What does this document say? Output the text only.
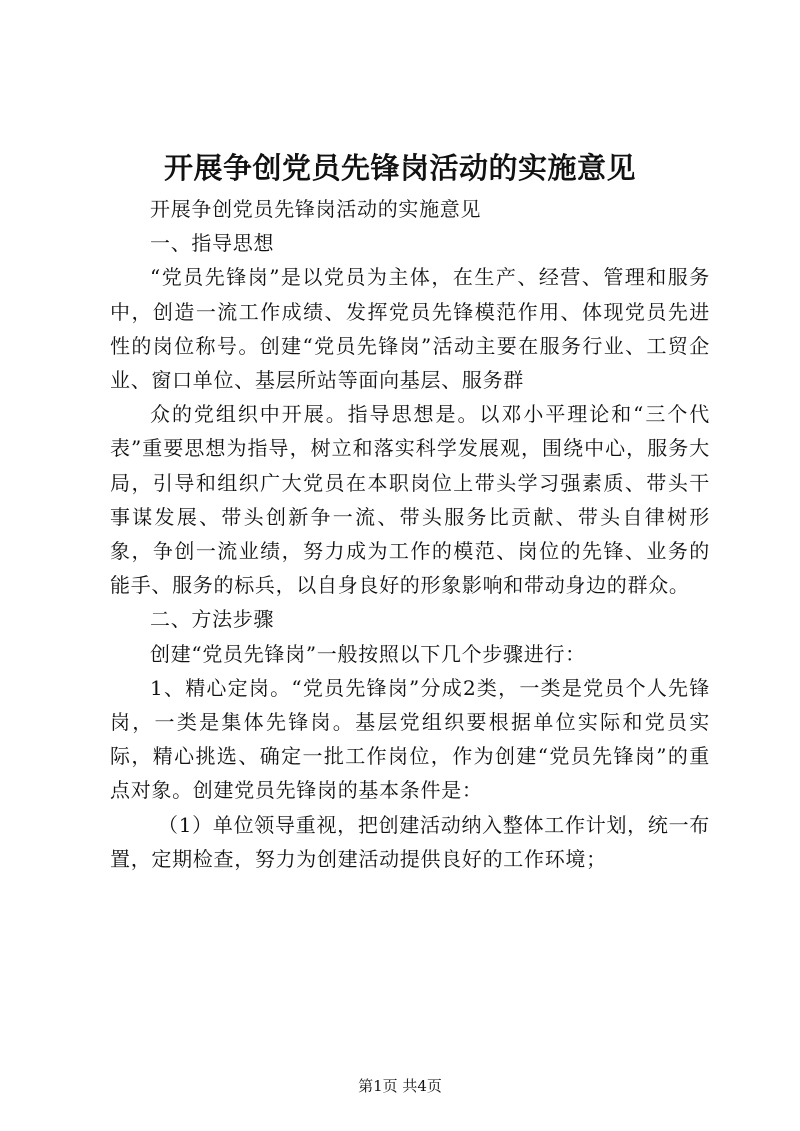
开展争创党员先锋岗活动的实施意见

开展争创党员先锋岗活动的实施意见

一、指导思想

“党员先锋岗”是以党员为主体，在生产、经营、管理和服务中，创造一流工作成绩、发挥党员先锋模范作用、体现党员先进性的岗位称号。创建“党员先锋岗”活动主要在服务行业、工贸企业、窗口单位、基层所站等面向基层、服务群

众的党组织中开展。指导思想是。以邓小平理论和“三个代表”重要思想为指导，树立和落实科学发展观，围绕中心，服务大局，引导和组织广大党员在本职岗位上带头学习强素质、带头干事谋发展、带头创新争一流、带头服务比贡献、带头自律树形象，争创一流业绩，努力成为工作的模范、岗位的先锋、业务的能手、服务的标兵，以自身良好的形象影响和带动身边的群众。

二、方法步骤

创建“党员先锋岗”一般按照以下几个步骤进行：

1、精心定岗。“党员先锋岗”分成2类，一类是党员个人先锋岗，一类是集体先锋岗。基层党组织要根据单位实际和党员实际，精心挑选、确定一批工作岗位，作为创建“党员先锋岗”的重点对象。创建党员先锋岗的基本条件是：

（1）单位领导重视，把创建活动纳入整体工作计划，统一布置，定期检查，努力为创建活动提供良好的工作环境；

第1页 共4页
